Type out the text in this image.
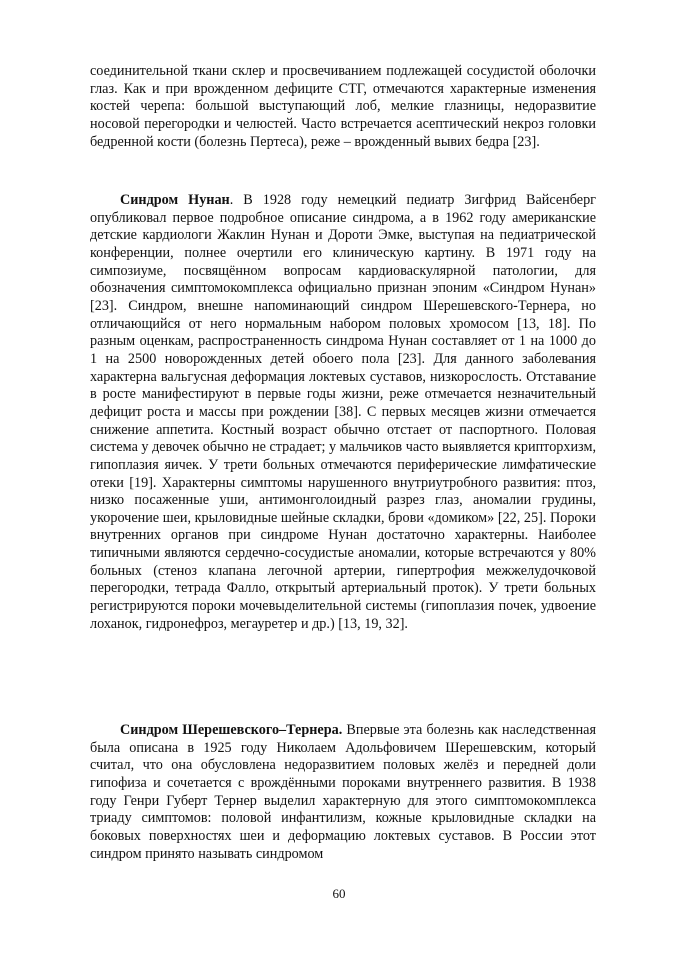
соединительной ткани склер и просвечиванием подлежащей сосудистой оболочки глаз. Как и при врожденном дефиците СТГ, отмечаются характерные изменения костей черепа: большой выступающий лоб, мелкие глазницы, недоразвитие носовой перегородки и челюстей. Часто встречается асептический некроз головки бедренной кости (болезнь Пертеса), реже – врожденный вывих бедра [23].

Синдром Нунан. В 1928 году немецкий педиатр Зигфрид Вайсенберг опубликовал первое подробное описание синдрома, а в 1962 году американские детские кардиологи Жаклин Нунан и Дороти Эмке, выступая на педиатрической конференции, полнее очертили его клиническую картину. В 1971 году на симпозиуме, посвящённом вопросам кардиоваскулярной патологии, для обозначения симптомокомплекса официально признан эпоним «Синдром Нунан» [23]. Синдром, внешне напоминающий синдром Шерешевского-Тернера, но отличающийся от него нормальным набором половых хромосом [13, 18]. По разным оценкам, распространенность синдрома Нунан составляет от 1 на 1000 до 1 на 2500 новорожденных детей обоего пола [23]. Для данного заболевания характерна вальгусная деформация локтевых суставов, низкорослость. Отставание в росте манифестируют в первые годы жизни, реже отмечается незначительный дефицит роста и массы при рождении [38]. С первых месяцев жизни отмечается снижение аппетита. Костный возраст обычно отстает от паспортного. Половая система у девочек обычно не страдает; у мальчиков часто выявляется крипторхизм, гипоплазия яичек. У трети больных отмечаются периферические лимфатические отеки [19]. Характерны симптомы нарушенного внутриутробного развития: птоз, низко посаженные уши, антимонголоидный разрез глаз, аномалии грудины, укорочение шеи, крыловидные шейные складки, брови «домиком» [22, 25]. Пороки внутренних органов при синдроме Нунан достаточно характерны. Наиболее типичными являются сердечно-сосудистые аномалии, которые встречаются у 80% больных (стеноз клапана легочной артерии, гипертрофия межжелудочковой перегородки, тетрада Фалло, открытый артериальный проток). У трети больных регистрируются пороки мочевыделительной системы (гипоплазия почек, удвоение лоханок, гидронефроз, мегауретер и др.) [13, 19, 32].

Синдром Шерешевского–Тернера. Впервые эта болезнь как наследственная была описана в 1925 году Николаем Адольфовичем Шерешевским, который считал, что она обусловлена недоразвитием половых желёз и передней доли гипофиза и сочетается с врождёнными пороками внутреннего развития. В 1938 году Генри Губерт Тернер выделил характерную для этого симптомокомплекса триаду симптомов: половой инфантилизм, кожные крыловидные складки на боковых поверхностях шеи и деформацию локтевых суставов. В России этот синдром принято называть синдромом

60
